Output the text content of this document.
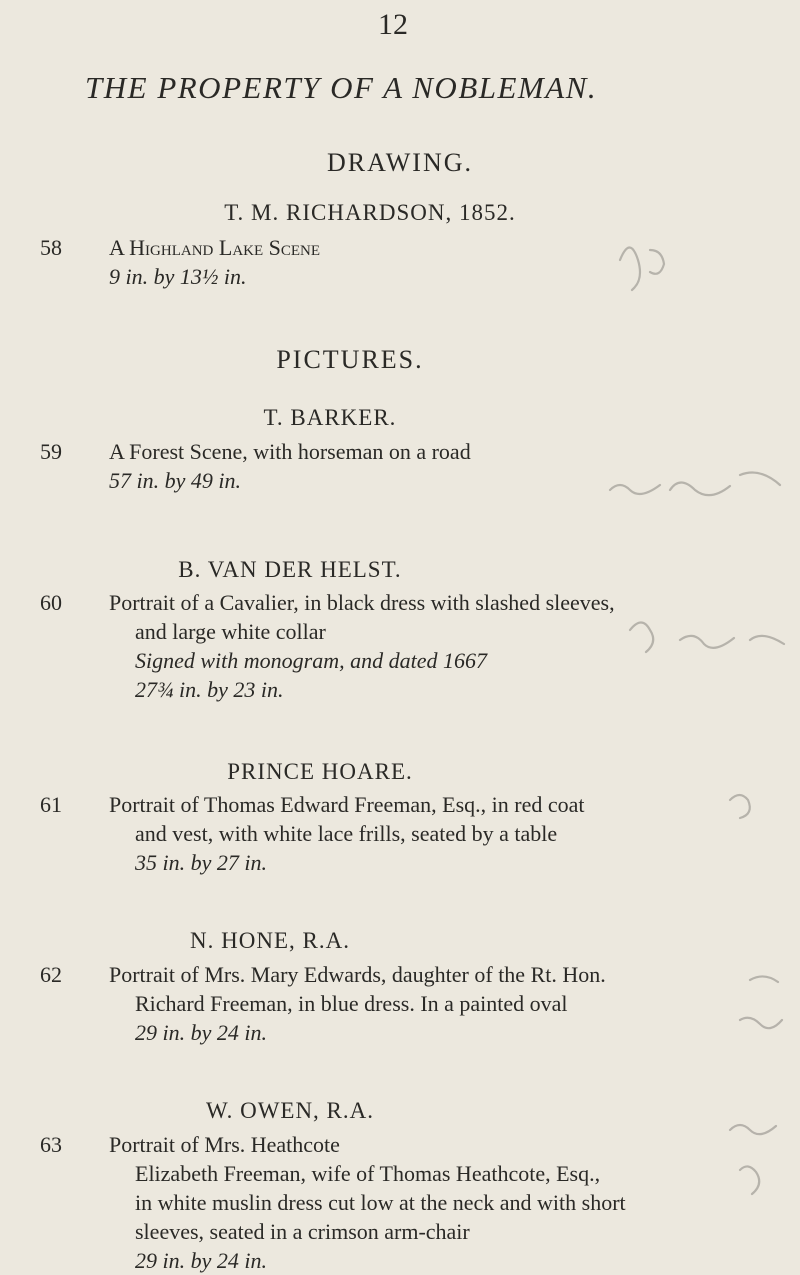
12
THE PROPERTY OF A NOBLEMAN.
DRAWING.
T. M. RICHARDSON, 1852.
58	A Highland Lake Scene
9 in. by 13½ in.
PICTURES.
T. BARKER.
59	A Forest Scene, with horseman on a road
57 in. by 49 in.
B. VAN DER HELST.
60	Portrait of a Cavalier, in black dress with slashed sleeves,
and large white collar
Signed with monogram, and dated 1667
27¾ in. by 23 in.
PRINCE HOARE.
61	Portrait of Thomas Edward Freeman, Esq., in red coat
and vest, with white lace frills, seated by a table
35 in. by 27 in.
N. HONE, R.A.
62	Portrait of Mrs. Mary Edwards, daughter of the Rt. Hon.
Richard Freeman, in blue dress. In a painted oval
29 in. by 24 in.
W. OWEN, R.A.
63	Portrait of Mrs. Heathcote
Elizabeth Freeman, wife of Thomas Heathcote, Esq.,
in white muslin dress cut low at the neck and with short
sleeves, seated in a crimson arm-chair
29 in. by 24 in.
